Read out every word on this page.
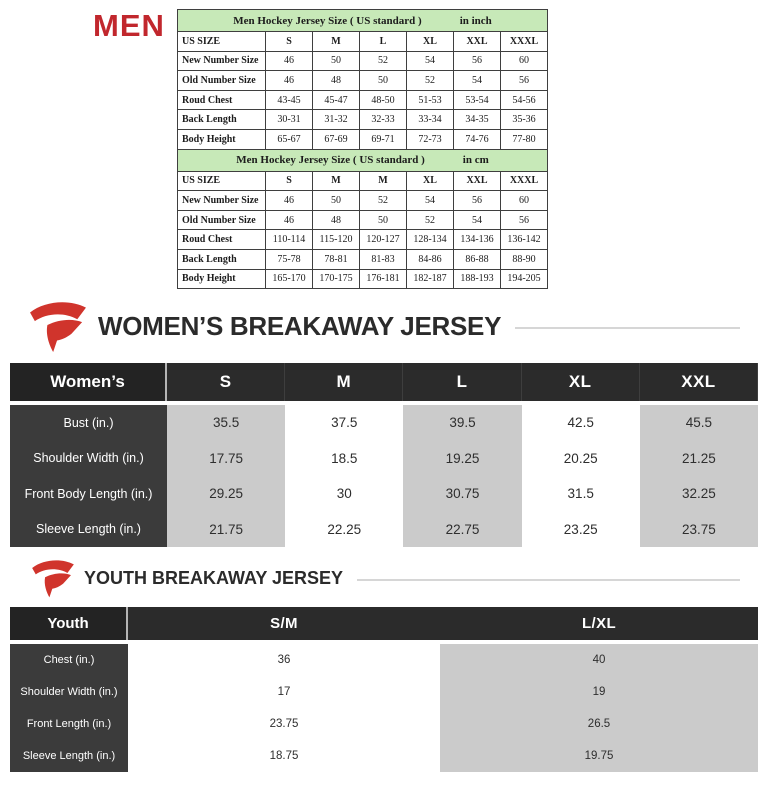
MEN	Men Hockey Jersey Size ( US standard )	in inch
US SIZE	S	M	L	XL	XXL	XXXL
New Number Size	46	50	52	54	56	60
Old Number Size	46	48	50	52	54	56
Roud Chest	43-45	45-47	48-50	51-53	53-54	54-56
Back Length	30-31	31-32	32-33	33-34	34-35	35-36
Body Height	65-67	67-69	69-71	72-73	74-76	77-80
Men Hockey Jersey Size ( US standard )	in cm
US SIZE	S	M	M	XL	XXL	XXXL
New Number Size	46	50	52	54	56	60
Old Number Size	46	48	50	52	54	56
Roud Chest	110-114	115-120	120-127	128-134	134-136	136-142
Back Length	75-78	78-81	81-83	84-86	86-88	88-90
Body Height	165-170	170-175	176-181	182-187	188-193	194-205
WOMEN’S BREAKAWAY JERSEY
Women’s	S	M	L	XL	XXL
Bust (in.)	35.5	37.5	39.5	42.5	45.5
Shoulder Width (in.)	17.75	18.5	19.25	20.25	21.25
Front Body Length (in.)	29.25	30	30.75	31.5	32.25
Sleeve Length (in.)	21.75	22.25	22.75	23.25	23.75
YOUTH BREAKAWAY JERSEY
Youth	S/M	L/XL
Chest (in.)	36	40
Shoulder Width (in.)	17	19
Front Length (in.)	23.75	26.5
Sleeve Length (in.)	18.75	19.75
